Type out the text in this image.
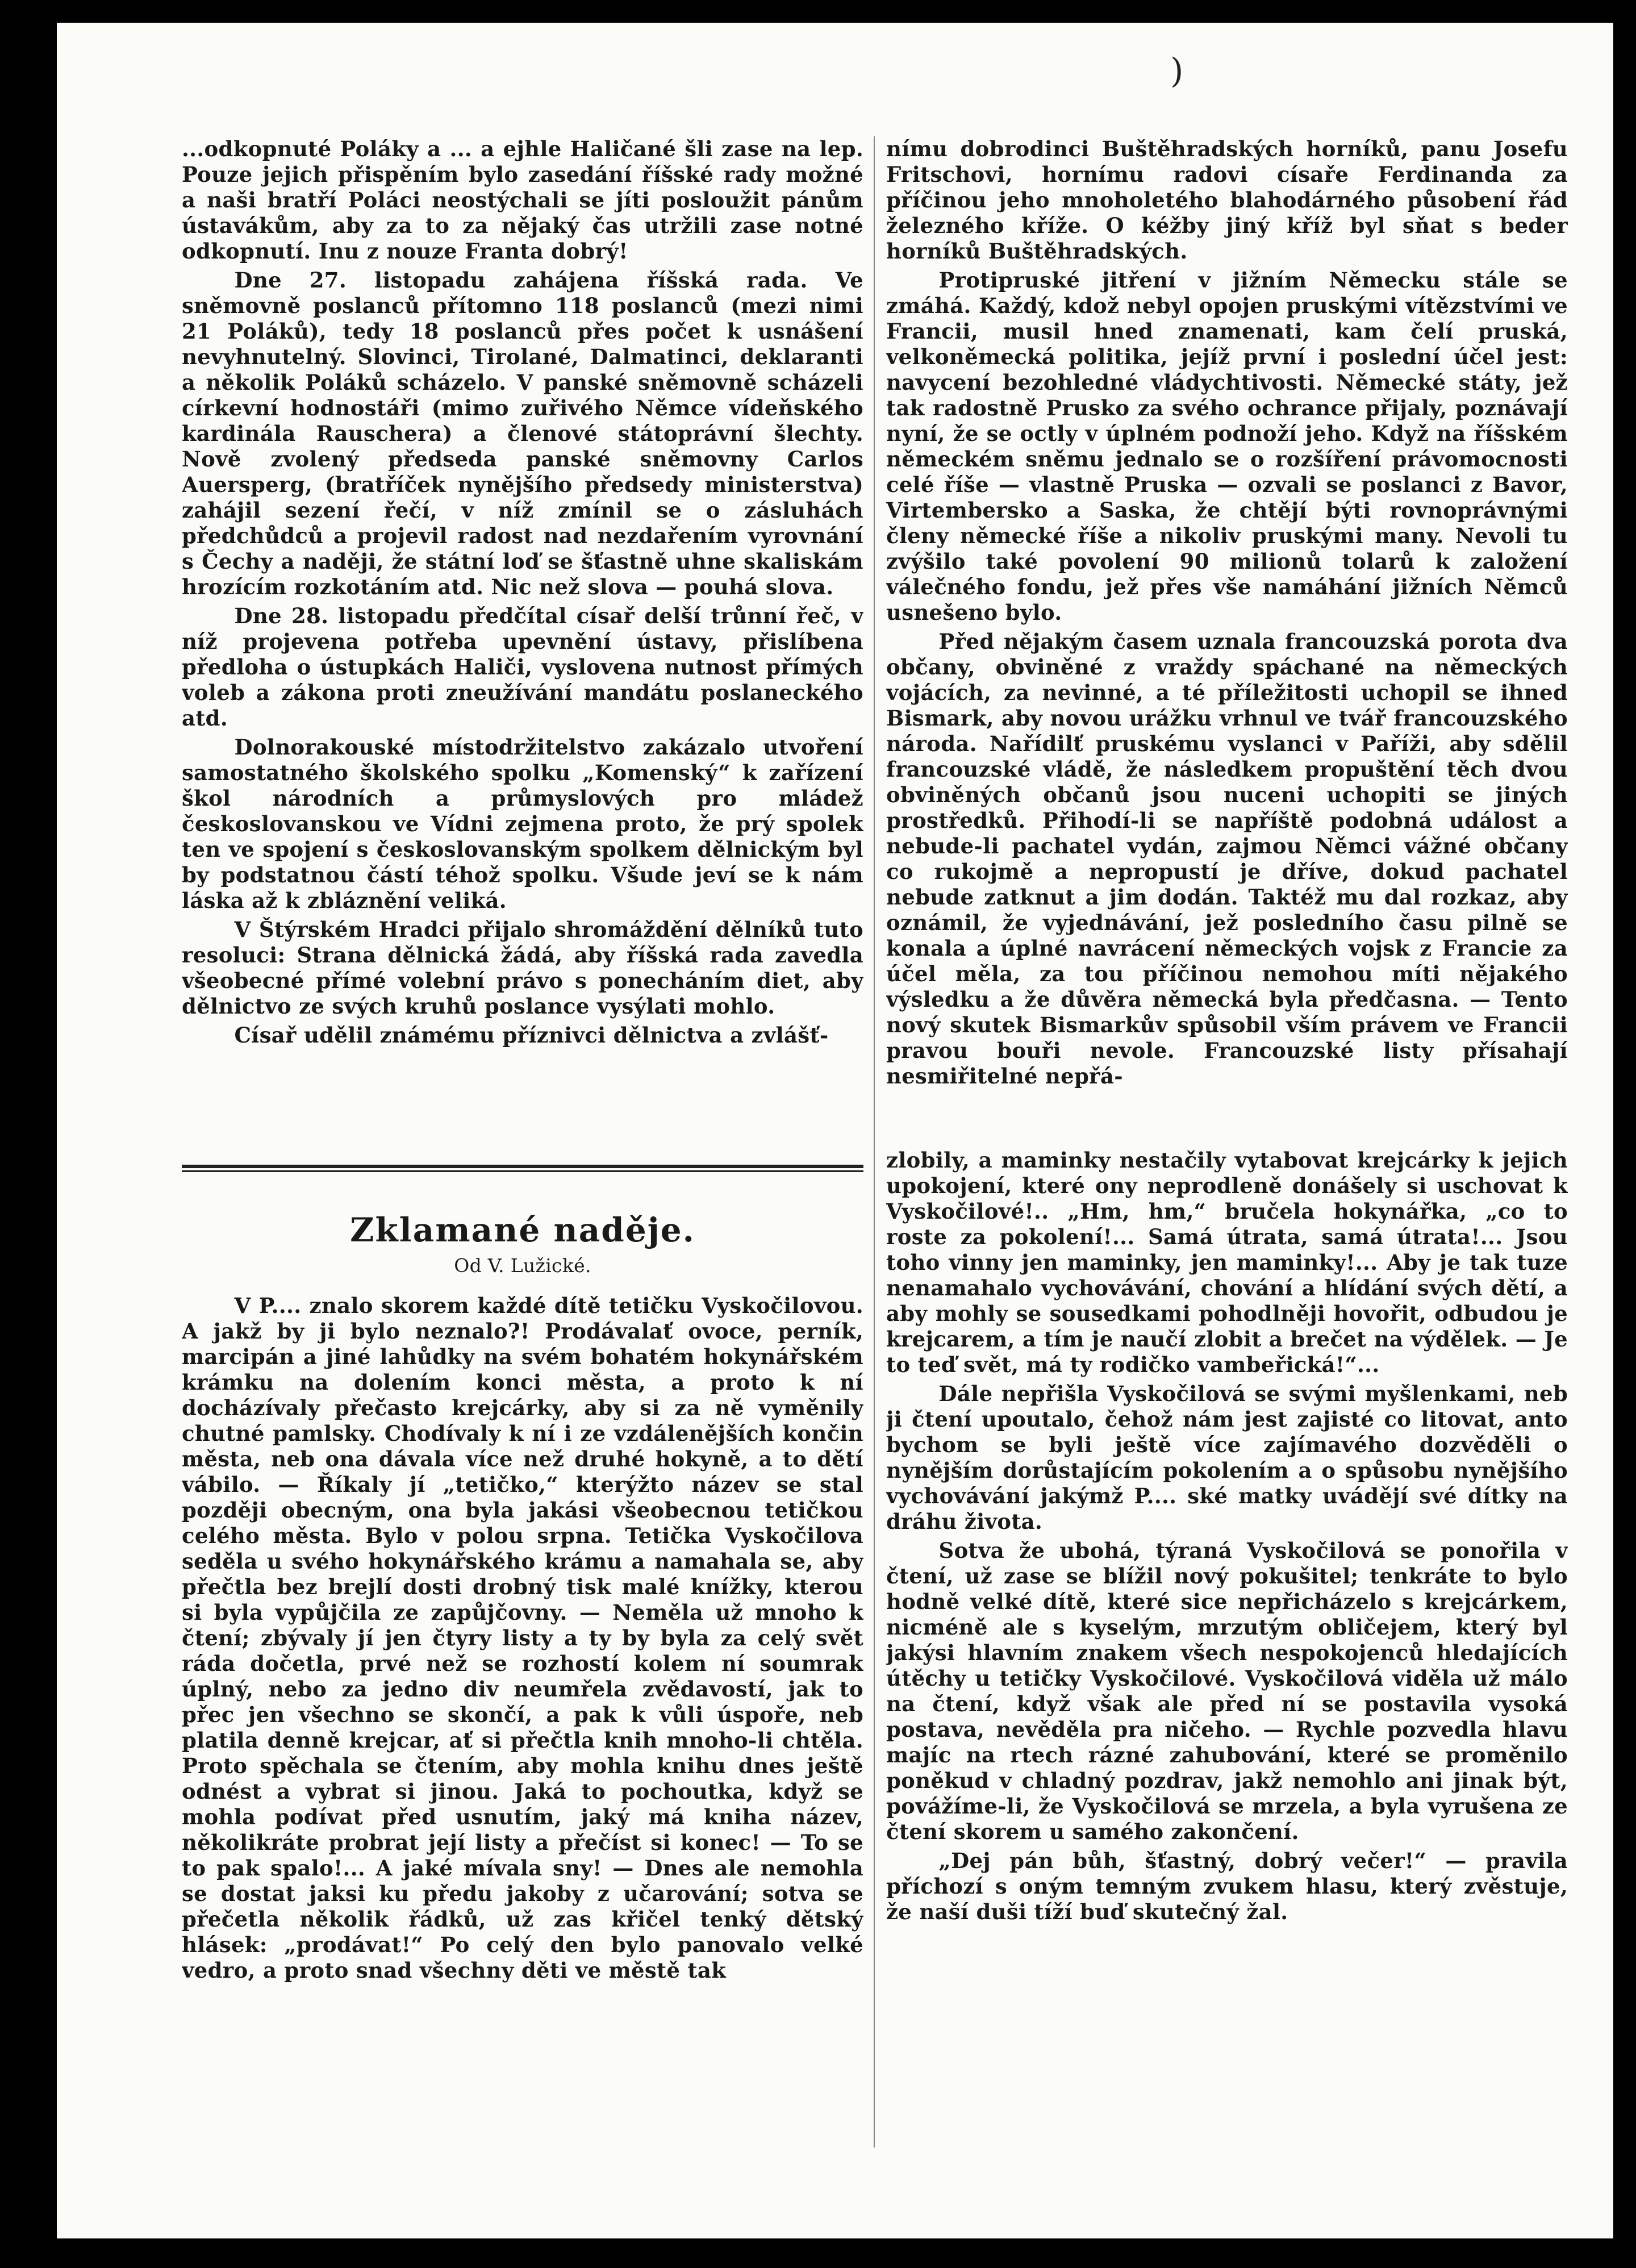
)

...odkopnuté Poláky a ... a ejhle Haličané šli zase na lep. Pouze jejich přispěním bylo zasedání říšské rady možné a naši bratří Poláci neostýchali se jíti posloužit pánům ústavákům, aby za to za nějaký čas utržili zase notné odkopnutí. Inu z nouze Franta dobrý!

Dne 27. listopadu zahájena říšská rada. Ve sněmovně poslanců přítomno 118 poslanců (mezi nimi 21 Poláků), tedy 18 poslanců přes počet k usnášení nevyhnutelný. Slovinci, Tirolané, Dalmatinci, deklaranti a několik Poláků scházelo. V panské sněmovně scházeli církevní hodnostáři (mimo zuřivého Němce vídeňského kardinála Rauschera) a členové státoprávní šlechty. Nově zvolený předseda panské sněmovny Carlos Auersperg, (bratříček nynějšího předsedy ministerstva) zahájil sezení řečí, v níž zmínil se o zásluhách předchůdců a projevil radost nad nezdařením vyrovnání s Čechy a naději, že státní loď se šťastně uhne skaliskám hrozícím rozkotáním atd. Nic než slova — pouhá slova.

Dne 28. listopadu předčítal císař delší trůnní řeč, v níž projevena potřeba upevnění ústavy, přislíbena předloha o ústupkách Haliči, vyslovena nutnost přímých voleb a zákona proti zneužívání mandátu poslaneckého atd.

Dolnorakouské místodržitelstvo zakázalo utvoření samostatného školského spolku „Komenský“ k zařízení škol národních a průmyslových pro mládež českoslovanskou ve Vídni zejmena proto, že prý spolek ten ve spojení s českoslovanským spolkem dělnickým byl by podstatnou částí téhož spolku. Všude jeví se k nám láska až k zbláznění veliká.

V Štýrském Hradci přijalo shromáždění dělníků tuto resoluci: Strana dělnická žádá, aby říšská rada zavedla všeobecné přímé volební právo s ponecháním diet, aby dělnictvo ze svých kruhů poslance vysýlati mohlo.

Císař udělil známému příznivci dělnictva a zvlášť-

nímu dobrodinci Buštěhradských horníků, panu Josefu Fritschovi, hornímu radovi císaře Ferdinanda za příčinou jeho mnoholetého blahodárného působení řád železného kříže. O kéžby jiný kříž byl sňat s beder horníků Buštěhradských.

Protipruské jitření v jižním Německu stále se zmáhá. Každý, kdož nebyl opojen pruskými vítězstvími ve Francii, musil hned znamenati, kam čelí pruská, velkoněmecká politika, jejíž první i poslední účel jest: navycení bezohledné vládychtivosti. Německé státy, jež tak radostně Prusko za svého ochrance přijaly, poznávají nyní, že se octly v úplném podnoží jeho. Když na říšském německém sněmu jednalo se o rozšíření právomocnosti celé říše — vlastně Pruska — ozvali se poslanci z Bavor, Virtembersko a Saska, že chtějí býti rovnoprávnými členy německé říše a nikoliv pruskými many. Nevoli tu zvýšilo také povolení 90 milionů tolarů k založení válečného fondu, jež přes vše namáhání jižních Němců usnešeno bylo.

Před nějakým časem uznala francouzská porota dva občany, obviněné z vraždy spáchané na německých vojácích, za nevinné, a té příležitosti uchopil se ihned Bismark, aby novou urážku vrhnul ve tvář francouzského národa. Nařídilť pruskému vyslanci v Paříži, aby sdělil francouzské vládě, že následkem propuštění těch dvou obviněných občanů jsou nuceni uchopiti se jiných prostředků. Přihodí-li se napříště podobná událost a nebude-li pachatel vydán, zajmou Němci vážné občany co rukojmě a nepropustí je dříve, dokud pachatel nebude zatknut a jim dodán. Taktéž mu dal rozkaz, aby oznámil, že vyjednávání, jež posledního času pilně se konala a úplné navrácení německých vojsk z Francie za účel měla, za tou příčinou nemohou míti nějakého výsledku a že důvěra německá byla předčasna. — Tento nový skutek Bismarkův spůsobil vším právem ve Francii pravou bouři nevole. Francouzské listy přísahají nesmiřitelné nepřá-

Zklamané naděje.
Od V. Lužické.

V P.... znalo skorem každé dítě tetičku Vyskočilovou. A jakž by ji bylo neznalo?! Prodávalať ovoce, perník, marcipán a jiné lahůdky na svém bohatém hokynářském krámku na dolením konci města, a proto k ní docházívaly přečasto krejcárky, aby si za ně vyměnily chutné pamlsky. Chodívaly k ní i ze vzdálenějších končin města, neb ona dávala více než druhé hokyně, a to dětí vábilo. — Říkaly jí „tetičko,“ kterýžto název se stal později obecným, ona byla jakási všeobecnou tetičkou celého města. Bylo v polou srpna. Tetička Vyskočilova seděla u svého hokynářského krámu a namahala se, aby přečtla bez brejlí dosti drobný tisk malé knížky, kterou si byla vypůjčila ze zapůjčovny. — Neměla už mnoho k čtení; zbývaly jí jen čtyry listy a ty by byla za celý svět ráda dočetla, prvé než se rozhostí kolem ní soumrak úplný, nebo za jedno div neumřela zvědavostí, jak to přec jen všechno se skončí, a pak k vůli úspoře, neb platila denně krejcar, ať si přečtla knih mnoho-li chtěla. Proto spěchala se čtením, aby mohla knihu dnes ještě odnést a vybrat si jinou. Jaká to pochoutka, když se mohla podívat před usnutím, jaký má kniha název, několikráte probrat její listy a přečíst si konec! — To se to pak spalo!... A jaké mívala sny! — Dnes ale nemohla se dostat jaksi ku předu jakoby z učarování; sotva se přečetla několik řádků, už zas křičel tenký dětský hlásek: „prodávat!“ Po celý den bylo panovalo velké vedro, a proto snad všechny děti ve městě tak

zlobily, a maminky nestačily vytabovat krejcárky k jejich upokojení, které ony neprodleně donášely si uschovat k Vyskočilové!.. „Hm, hm,“ bručela hokynářka, „co to roste za pokolení!... Samá útrata, samá útrata!... Jsou toho vinny jen maminky, jen maminky!... Aby je tak tuze nenamahalo vychovávání, chování a hlídání svých dětí, a aby mohly se sousedkami pohodlněji hovořit, odbudou je krejcarem, a tím je naučí zlobit a brečet na výdělek. — Je to teď svět, má ty rodičko vambeřická!“...

Dále nepřišla Vyskočilová se svými myšlenkami, neb ji čtení upoutalo, čehož nám jest zajisté co litovat, anto bychom se byli ještě více zajímavého dozvěděli o nynějším dorůstajícím pokolením a o spůsobu nynějšího vychovávání jakýmž P.... ské matky uvádějí své dítky na dráhu života.

Sotva že ubohá, týraná Vyskočilová se ponořila v čtení, už zase se blížil nový pokušitel; tenkráte to bylo hodně velké dítě, které sice nepřicházelo s krejcárkem, nicméně ale s kyselým, mrzutým obličejem, který byl jakýsi hlavním znakem všech nespokojenců hledajících útěchy u tetičky Vyskočilové. Vyskočilová viděla už málo na čtení, když však ale před ní se postavila vysoká postava, nevěděla pra ničeho. — Rychle pozvedla hlavu majíc na rtech rázné zahubování, které se proměnilo poněkud v chladný pozdrav, jakž nemohlo ani jinak být, povážíme-li, že Vyskočilová se mrzela, a byla vyrušena ze čtení skorem u samého zakončení.

„Dej pán bůh, šťastný, dobrý večer!“ — pravila příchozí s oným temným zvukem hlasu, který zvěstuje, že naší duši tíží buď skutečný žal.
